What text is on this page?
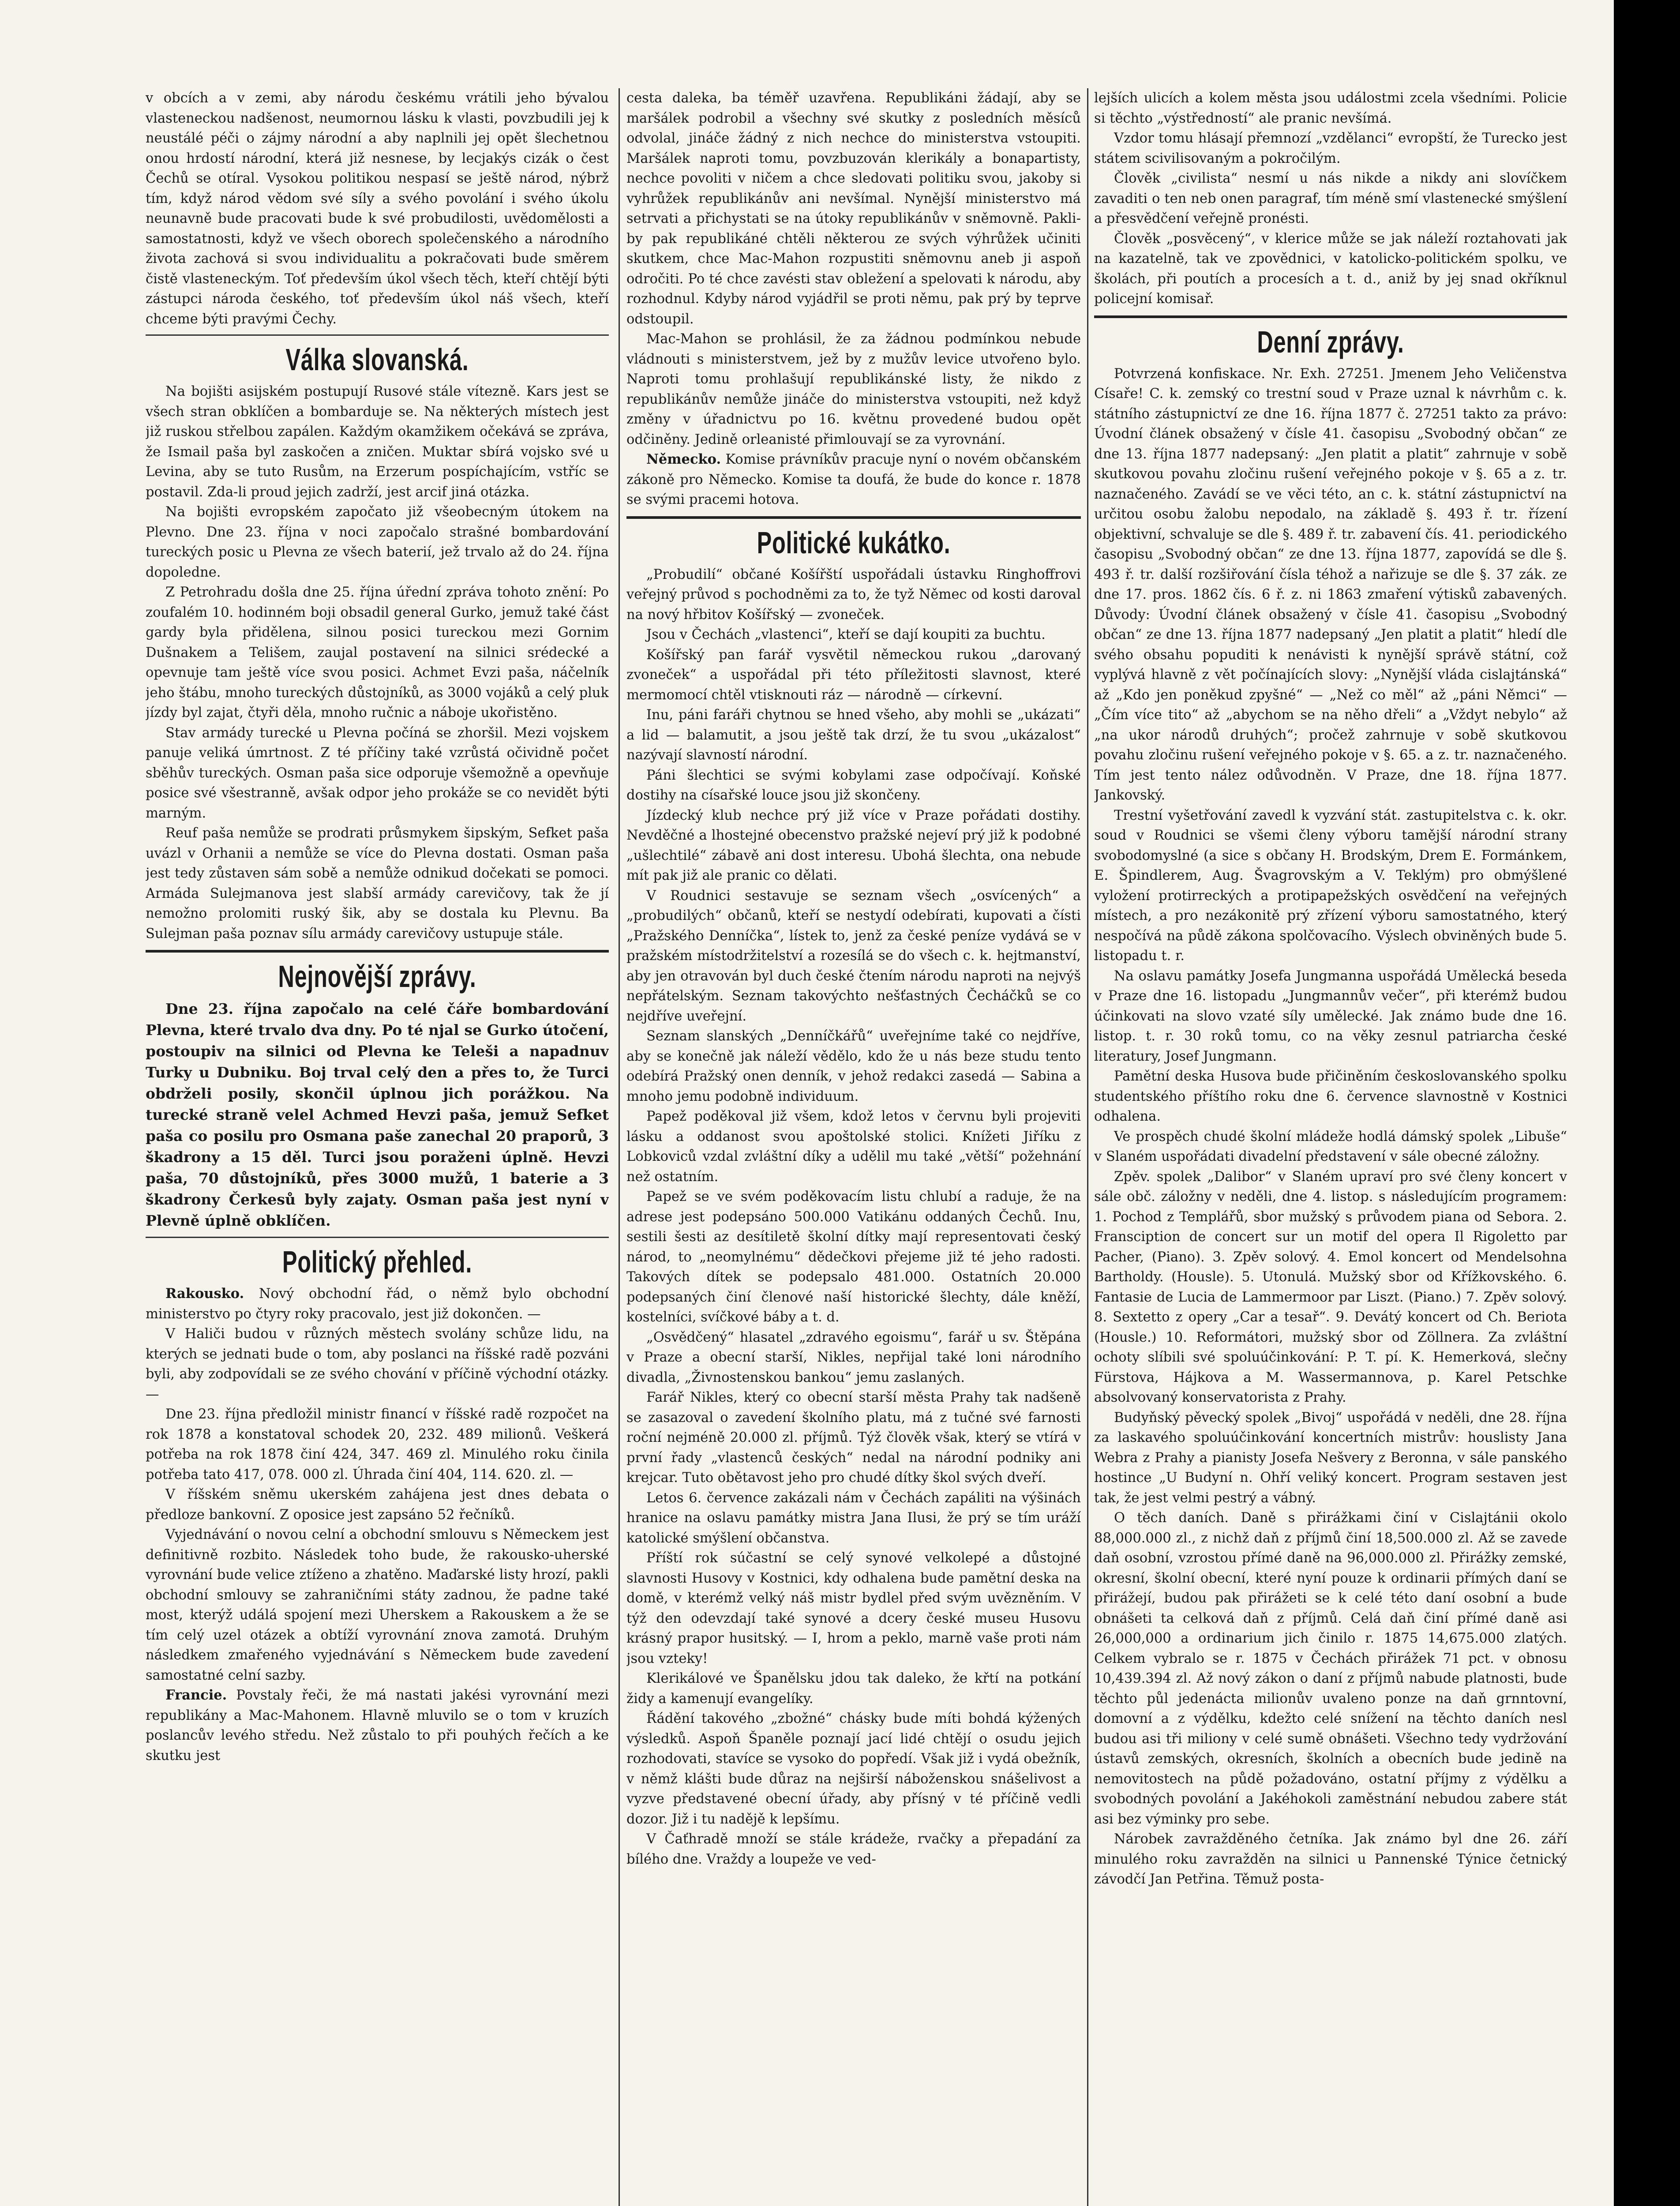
v obcích a v zemi, aby národu českému vrátili jeho bývalou vlasteneckou nadšenost, neumornou lásku k vlasti, povzbudili jej k neustálé péči o zájmy národní a aby naplnili jej opět šlechetnou onou hrdostí národní, která již nesnese, by lecjakýs cizák o čest Čechů se otíral. Vysokou politikou nespasí se ještě národ, nýbrž tím, když národ vědom své síly a svého povolání i svého úkolu neunavně bude pracovati bude k své probudilosti, uvědomělosti a samostatnosti, když ve všech oborech společenského a národního života zachová si svou individualitu a pokračovati bude směrem čistě vlasteneckým. Toť především úkol všech těch, kteří chtějí býti zástupci národa českého, toť především úkol náš všech, kteří chceme býti pravými Čechy.

Válka slovanská.

Na bojišti asijském postupují Rusové stále vítezně. Kars jest se všech stran obklíčen a bombarduje se. Na některých místech jest již ruskou střelbou zapálen. Každým okamžikem očekává se zpráva, že Ismail paša byl zaskočen a zničen. Muktar sbírá vojsko své u Levina, aby se tuto Rusům, na Erzerum pospíchajícím, vstříc se postavil. Zda-li proud jejich zadrží, jest arcif jiná otázka.

Na bojišti evropském započato již všeobecným útokem na Plevno. Dne 23. října v noci započalo strašné bombardování tureckých posic u Plevna ze všech baterií, jež trvalo až do 24. října dopoledne.

Z Petrohradu došla dne 25. října úřední zpráva tohoto znění: Po zoufalém 10. hodinném boji obsadil general Gurko, jemuž také část gardy byla přidělena, silnou posici tureckou mezi Gornim Dušnakem a Telišem, zaujal postavení na silnici srédecké a opevnuje tam ještě více svou posici. Achmet Evzi paša, náčelník jeho štábu, mnoho tureckých důstojníků, as 3000 vojáků a celý pluk jízdy byl zajat, čtyři děla, mnoho ručnic a náboje ukořistěno.

Stav armády turecké u Plevna počíná se zhoršil. Mezi vojskem panuje veliká úmrtnost. Z té příčiny také vzrůstá očividně počet sběhův tureckých. Osman paša sice odporuje všemožně a opevňuje posice své všestranně, avšak odpor jeho prokáže se co nevidět býti marným.

Reuf paša nemůže se prodrati průsmykem šipským, Sefket paša uvázl v Orhanii a nemůže se více do Plevna dostati. Osman paša jest tedy zůstaven sám sobě a nemůže odnikud dočekati se pomoci. Armáda Sulejmanova jest slabší armády carevičovy, tak že jí nemožno prolomiti ruský šik, aby se dostala ku Plevnu. Ba Sulejman paša poznav sílu armády carevičovy ustupuje stále.

Nejnovější zprávy.

Dne 23. října započalo na celé čáře bombardování Plevna, které trvalo dva dny. Po té njal se Gurko útočení, postoupiv na silnici od Plevna ke Teleši a napadnuv Turky u Dubniku. Boj trval celý den a přes to, že Turci obdrželi posily, skončil úplnou jich porážkou. Na turecké straně velel Achmed Hevzi paša, jemuž Sefket paša co posilu pro Osmana paše zanechal 20 praporů, 3 škadrony a 15 děl. Turci jsou poraženi úplně. Hevzi paša, 70 důstojníků, přes 3000 mužů, 1 baterie a 3 škadrony Čerkesů byly zajaty. Osman paša jest nyní v Plevně úplně obklíčen.

Politický přehled.

Rakousko. Nový obchodní řád, o němž bylo obchodní ministerstvo po čtyry roky pracovalo, jest již dokončen. —

V Haliči budou v různých městech svolány schůze lidu, na kterých se jednati bude o tom, aby poslanci na říšské radě pozváni byli, aby zodpovídali se ze svého chování v příčině východní otázky. —

Dne 23. října předložil ministr financí v říšské radě rozpočet na rok 1878 a konstatoval schodek 20, 232. 489 milionů. Veškerá potřeba na rok 1878 činí 424, 347. 469 zl. Minulého roku činila potřeba tato 417, 078. 000 zl. Úhrada činí 404, 114. 620. zl. —

V říšském sněmu ukerském zahájena jest dnes debata o předloze bankovní. Z oposice jest zapsáno 52 řečníků.

Vyjednávání o novou celní a obchodní smlouvu s Německem jest definitivně rozbito. Následek toho bude, že rakousko-uherské vyrovnání bude velice ztíženo a zhatěno. Maďarské listy hrozí, pakli obchodní smlouvy se zahraničními státy zadnou, že padne také most, kterýž událá spojení mezi Uherskem a Rakouskem a že se tím celý uzel otázek a obtíží vyrovnání znova zamotá. Druhým následkem zmařeného vyjednávání s Německem bude zavedení samostatné celní sazby.

Francie. Povstaly řeči, že má nastati jakési vyrovnání mezi republikány a Mac-Mahonem. Hlavně mluvilo se o tom v kruzích poslancův levého středu. Než zůstalo to při pouhých řečích a ke skutku jest

cesta daleka, ba téměř uzavřena. Republikáni žádají, aby se maršálek podrobil a všechny své skutky z posledních měsíců odvolal, jináče žádný z nich nechce do ministerstva vstoupiti. Maršálek naproti tomu, povzbuzován klerikály a bonapartisty, nechce povoliti v ničem a chce sledovati politiku svou, jakoby si vyhrůžek republikánův ani nevšímal. Nynější ministerstvo má setrvati a přichystati se na útoky republikánův v sněmovně. Pakli-by pak republikáné chtěli některou ze svých výhrůžek učiniti skutkem, chce Mac-Mahon rozpustiti sněmovnu aneb ji aspoň odročiti. Po té chce zavésti stav obležení a spelovati k národu, aby rozhodnul. Kdyby národ vyjádřil se proti němu, pak prý by teprve odstoupil.

Mac-Mahon se prohlásil, že za žádnou podmínkou nebude vládnouti s ministerstvem, jež by z mužův levice utvořeno bylo. Naproti tomu prohlašují republikánské listy, že nikdo z republikánův nemůže jináče do ministerstva vstoupiti, než když změny v úřadnictvu po 16. květnu provedené budou opět odčiněny. Jedině orleanisté přimlouvají se za vyrovnání.

Německo. Komise právníkův pracuje nyní o novém občanském zákoně pro Německo. Komise ta doufá, že bude do konce r. 1878 se svými pracemi hotova.

Politické kukátko.

„Probudilí“ občané Košířští uspořádali ústavku Ringhoffrovi veřejný průvod s pochodněmi za to, že tyž Němec od kosti daroval na nový hřbitov Košířský — zvoneček.

Jsou v Čechách „vlastenci“, kteří se dají koupiti za buchtu.

Košířský pan farář vysvětil německou rukou „darovaný zvoneček“ a uspořádal při této příležitosti slavnost, které mermomocí chtěl vtisknouti ráz — národně — církevní.

Inu, páni faráři chytnou se hned všeho, aby mohli se „ukázati“ a lid — balamutit, a jsou ještě tak drzí, že tu svou „ukázalost“ nazývají slavností národní.

Páni šlechtici se svými kobylami zase odpočívají. Koňské dostihy na císařské louce jsou již skončeny.

Jízdecký klub nechce prý již více v Praze pořádati dostihy. Nevděčné a lhostejné obecenstvo pražské nejeví prý již k podobné „ušlechtilé“ zábavě ani dost interesu. Ubohá šlechta, ona nebude mít pak již ale pranic co dělati.

V Roudnici sestavuje se seznam všech „osvícených“ a „probudilých“ občanů, kteří se nestydí odebírati, kupovati a čísti „Pražského Denníčka“, lístek to, jenž za české peníze vydává se v pražském místodržitelství a rozesílá se do všech c. k. hejtmanství, aby jen otravován byl duch české čtením národu naproti na nejvýš nepřátelským. Seznam takovýchto nešťastných Čecháčků se co nejdříve uveřejní.

Seznam slanských „Denníčkářů“ uveřejníme také co nejdříve, aby se konečně jak náleží vědělo, kdo že u nás beze studu tento odebírá Pražský onen denník, v jehož redakci zasedá — Sabina a mnoho jemu podobně individuum.

Papež poděkoval již všem, kdož letos v červnu byli projeviti lásku a oddanost svou apoštolské stolici. Knížeti Jiříku z Lobkoviců vzdal zvláštní díky a udělil mu také „větší“ požehnání než ostatním.

Papež se ve svém poděkovacím listu chlubí a raduje, že na adrese jest podepsáno 500.000 Vatikánu oddaných Čechů. Inu, sestili šesti az desítiletě školní dítky mají representovati český národ, to „neomylnému“ dědečkovi přejeme již té jeho radosti. Takových dítek se podepsalo 481.000. Ostatních 20.000 podepsaných činí členové naší historické šlechty, dále kněží, kostelníci, svíčkové báby a t. d.

„Osvědčený“ hlasatel „zdravého egoismu“, farář u sv. Štěpána v Praze a obecní starší, Nikles, nepřijal také loni národního divadla, „Živnostenskou bankou“ jemu zaslaných.

Farář Nikles, který co obecní starší města Prahy tak nadšeně se zasazoval o zavedení školního platu, má z tučné své farnosti roční nejméně 20.000 zl. příjmů. Týž člověk však, který se vtírá v první řady „vlastenců českých“ nedal na národní podniky ani krejcar. Tuto obětavost jeho pro chudé dítky škol svých dveří.

Letos 6. července zakázali nám v Čechách zapáliti na výšinách hranice na oslavu památky mistra Jana Ilusi, že prý se tím uráží katolické smýšlení občanstva.

Příští rok súčastní se celý synové velkolepé a důstojné slavnosti Husovy v Kostnici, kdy odhalena bude pamětní deska na domě, v kterémž velký náš mistr bydlel před svým uvězněním. V týž den odevzdají také synové a dcery české museu Husovu krásný prapor husitský. — I, hrom a peklo, marně vaše proti nám jsou vzteky!

Klerikálové ve Španělsku jdou tak daleko, že křtí na potkání židy a kamenují evangelíky.

Řádění takového „zbožné“ chásky bude míti bohdá kýžených výsledků. Aspoň Španěle poznají jací lidé chtějí o osudu jejich rozhodovati, stavíce se vysoko do popředí. Však již i vydá obežník, v němž klášti bude důraz na nejširší náboženskou snášelivost a vyzve představené obecní úřady, aby přísný v té příčině vedli dozor. Již i tu nadějě k lepšímu.

V Čaťhradě množí se stále krádeže, rvačky a přepadání za bílého dne. Vraždy a loupeže ve ved-

lejších ulicích a kolem města jsou událostmi zcela všedními. Policie si těchto „výstředností“ ale pranic nevšímá.

Vzdor tomu hlásají přemnozí „vzdělanci“ evropští, že Turecko jest státem scivilisovaným a pokročilým.

Člověk „civilista“ nesmí u nás nikde a nikdy ani slovíčkem zavaditi o ten neb onen paragraf, tím méně smí vlastenecké smýšlení a přesvědčení veřejně pronésti.

Člověk „posvěcený“, v klerice může se jak náleží roztahovati jak na kazatelně, tak ve zpovědnici, v katolicko-politickém spolku, ve školách, při poutích a procesích a t. d., aniž by jej snad okříknul policejní komisař.

Denní zprávy.

Potvrzená konfiskace. Nr. Exh. 27251. Jmenem Jeho Veličenstva Císaře! C. k. zemský co trestní soud v Praze uznal k návrhům c. k. státního zástupnictví ze dne 16. října 1877 č. 27251 takto za právo: Úvodní článek obsažený v čísle 41. časopisu „Svobodný občan“ ze dne 13. října 1877 nadepsaný: „Jen platit a platit“ zahrnuje v sobě skutkovou povahu zločinu rušení veřejného pokoje v §. 65 a z. tr. naznačeného. Zavádí se ve věci této, an c. k. státní zástupnictví na určitou osobu žalobu nepodalo, na základě §. 493 ř. tr. řízení objektivní, schvaluje se dle §. 489 ř. tr. zabavení čís. 41. periodického časopisu „Svobodný občan“ ze dne 13. října 1877, zapovídá se dle §. 493 ř. tr. další rozšiřování čísla téhož a nařizuje se dle §. 37 zák. ze dne 17. pros. 1862 čís. 6 ř. z. ni 1863 zmaření výtisků zabavených. Důvody: Úvodní článek obsažený v čísle 41. časopisu „Svobodný občan“ ze dne 13. října 1877 nadepsaný „Jen platit a platit“ hledí dle svého obsahu popuditi k nenávisti k nynější správě státní, což vyplývá hlavně z vět počínajících slovy: „Nynější vláda cislajtánská“ až „Kdo jen poněkud zpyšné“ — „Než co měl“ až „páni Němci“ — „Čím více tito“ až „abychom se na něho dřeli“ a „Vždyt nebylo“ až „na ukor národů druhých“; pročež zahrnuje v sobě skutkovou povahu zločinu rušení veřejného pokoje v §. 65. a z. tr. naznačeného. Tím jest tento nález odůvodněn. V Praze, dne 18. října 1877. Jankovský.

Trestní vyšetřování zavedl k vyzvání stát. zastupitelstva c. k. okr. soud v Roudnici se všemi členy výboru tamější národní strany svobodomyslné (a sice s občany H. Brodským, Drem E. Formánkem, E. Špindlerem, Aug. Švagrovským a V. Teklým) pro obmýšlené vyložení protirreckých a protipapežských osvědčení na veřejných místech, a pro nezákonitě prý zřízení výboru samostatného, který nespočívá na půdě zákona spolčovacího. Výslech obviněných bude 5. listopadu t. r.

Na oslavu památky Josefa Jungmanna uspořádá Umělecká beseda v Praze dne 16. listopadu „Jungmannův večer“, při kterémž budou účinkovati na slovo vzaté síly umělecké. Jak známo bude dne 16. listop. t. r. 30 roků tomu, co na věky zesnul patriarcha české literatury, Josef Jungmann.

Pamětní deska Husova bude přičiněním českoslovanského spolku studentského příštího roku dne 6. července slavnostně v Kostnici odhalena.

Ve prospěch chudé školní mládeže hodlá dámský spolek „Libuše“ v Slaném uspořádati divadelní představení v sále obecné záložny.

Zpěv. spolek „Dalibor“ v Slaném upraví pro své členy koncert v sále obč. záložny v neděli, dne 4. listop. s následujícím programem: 1. Pochod z Templářů, sbor mužský s průvodem piana od Sebora. 2. Fransciption de concert sur un motif del opera Il Rigoletto par Pacher, (Piano). 3. Zpěv solový. 4. Emol koncert od Mendelsohna Bartholdy. (Housle). 5. Utonulá. Mužský sbor od Křížkovského. 6. Fantasie de Lucia de Lammermoor par Liszt. (Piano.) 7. Zpěv solový. 8. Sextetto z opery „Car a tesař“. 9. Devátý koncert od Ch. Beriota (Housle.) 10. Reformátori, mužský sbor od Zöllnera. Za zvláštní ochoty slíbili své spoluúčinkování: P. T. pí. K. Hemerková, slečny Fürstova, Hájkova a M. Wassermannova, p. Karel Petschke absolvovaný konservatorista z Prahy.

Budyňský pěvecký spolek „Bivoj“ uspořádá v neděli, dne 28. října za laskavého spoluúčinkování koncertních mistrův: houslisty Jana Webra z Prahy a pianisty Josefa Nešvery z Beronna, v sále panského hostince „U Budyní n. Ohří veliký koncert. Program sestaven jest tak, že jest velmi pestrý a vábný.

O těch daních. Daně s přirážkami činí v Cislajtánii okolo 88,000.000 zl., z nichž daň z příjmů činí 18,500.000 zl. Až se zavede daň osobní, vzrostou přímé daně na 96,000.000 zl. Přirážky zemské, okresní, školní obecní, které nyní pouze k ordinarii přímých daní se přirážejí, budou pak přirážeti se k celé této daní osobní a bude obnášeti ta celková daň z příjmů. Celá daň činí přímé daně asi 26,000,000 a ordinarium jich činilo r. 1875 14,675.000 zlatých. Celkem vybralo se r. 1875 v Čechách přirážek 71 pct. v obnosu 10,439.394 zl. Až nový zákon o daní z příjmů nabude platnosti, bude těchto půl jedenácta milionův uvaleno ponze na daň grnntovní, domovní a z výdělku, kdežto celé snížení na těchto daních nesl budou asi tři miliony v celé sumě obnášeti. Všechno tedy vydržování ústavů zemských, okresních, školních a obecních bude jedině na nemovitostech na půdě požadováno, ostatní příjmy z výdělku a svobodných povolání a Jakéhokoli zaměstnání nebudou zabere stát asi bez výminky pro sebe.

Nárobek zavražděného četníka. Jak známo byl dne 26. září minulého roku zavražděn na silnici u Pannenské Týnice četnický závodčí Jan Petřina. Těmuž posta-
